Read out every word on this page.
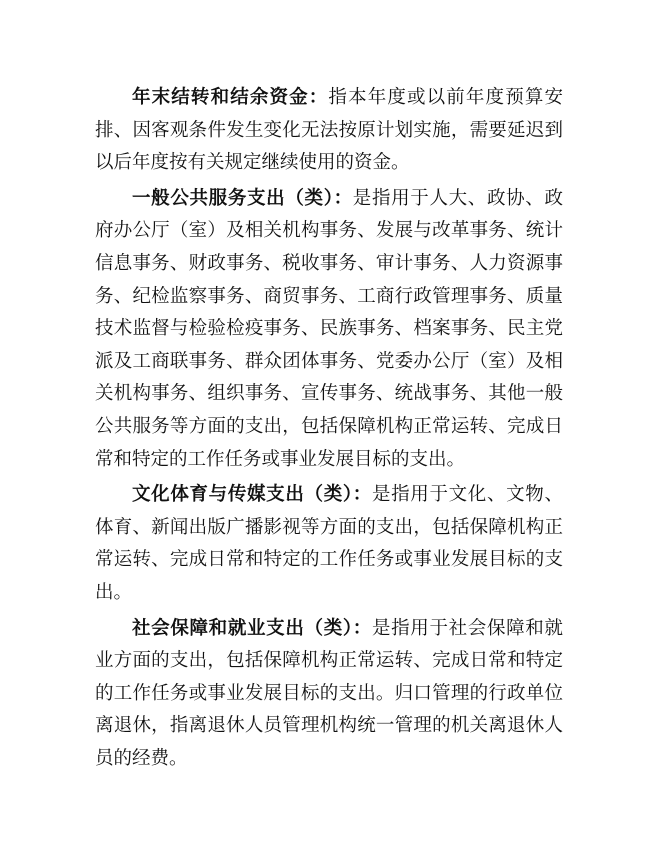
年末结转和结余资金：指本年度或以前年度预算安排、因客观条件发生变化无法按原计划实施，需要延迟到以后年度按有关规定继续使用的资金。

一般公共服务支出（类）：是指用于人大、政协、政府办公厅（室）及相关机构事务、发展与改革事务、统计信息事务、财政事务、税收事务、审计事务、人力资源事务、纪检监察事务、商贸事务、工商行政管理事务、质量技术监督与检验检疫事务、民族事务、档案事务、民主党派及工商联事务、群众团体事务、党委办公厅（室）及相关机构事务、组织事务、宣传事务、统战事务、其他一般公共服务等方面的支出，包括保障机构正常运转、完成日常和特定的工作任务或事业发展目标的支出。

文化体育与传媒支出（类）：是指用于文化、文物、体育、新闻出版广播影视等方面的支出，包括保障机构正常运转、完成日常和特定的工作任务或事业发展目标的支出。

社会保障和就业支出（类）：是指用于社会保障和就业方面的支出，包括保障机构正常运转、完成日常和特定的工作任务或事业发展目标的支出。归口管理的行政单位离退休，指离退休人员管理机构统一管理的机关离退休人员的经费。
